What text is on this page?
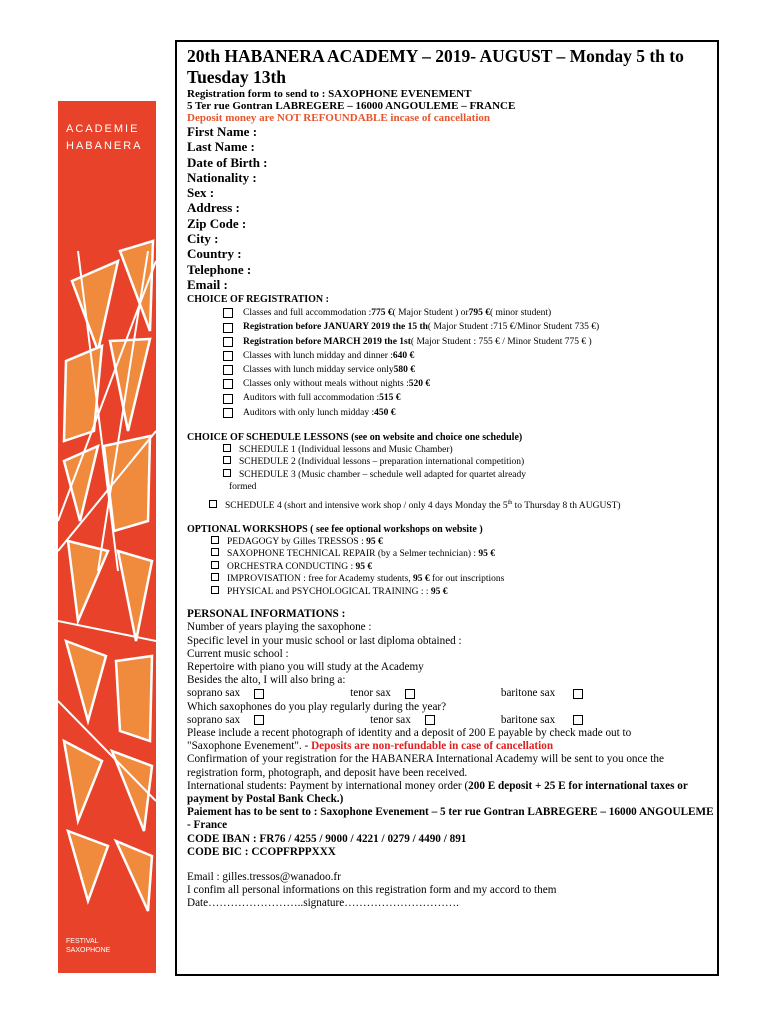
ACADEMIE
HABANERA
FESTIVAL
SAXOPHONE

20th HABANERA ACADEMY – 2019- AUGUST – Monday 5 th to Tuesday 13th

Registration form to send to : SAXOPHONE EVENEMENT
5 Ter rue Gontran LABREGERE – 16000 ANGOULEME – FRANCE
Deposit money are NOT REFOUNDABLE incase of cancellation
First Name :
Last Name :
Date of Birth :
Nationality :
Sex :
Address :
Zip Code :
City :
Country :
Telephone :
Email :
CHOICE OF REGISTRATION :
Classes and full accommodation : 775 € ( Major Student ) or 795 € ( minor student)
Registration before JANUARY 2019 the 15 th ( Major Student :715 €/Minor Student 735 €)
Registration before MARCH 2019 the 1st ( Major Student : 755 € / Minor Student 775 € )
Classes with lunch midday and dinner : 640 €
Classes with lunch midday service only 580 €
Classes only without meals without nights : 520 €
Auditors with full accommodation : 515 €
Auditors with only lunch midday : 450 €
CHOICE OF SCHEDULE LESSONS (see on website and choice one schedule)
SCHEDULE 1 (Individual lessons and Music Chamber)
SCHEDULE 2 (Individual lessons – preparation international competition)
SCHEDULE 3 (Music chamber – schedule well adapted for quartet already
formed
SCHEDULE 4 (short and intensive work shop / only 4 days Monday the 5th to Thursday 8 th AUGUST)
OPTIONAL WORKSHOPS ( see fee optional workshops on website )
PEDAGOGY by Gilles TRESSOS : 95 €
SAXOPHONE TECHNICAL REPAIR (by a Selmer technician) : 95 €
ORCHESTRA CONDUCTING : 95 €
IMPROVISATION : free for Academy students, 95 € for out inscriptions
PHYSICAL and PSYCHOLOGICAL TRAINING : : 95 €
PERSONAL INFORMATIONS :
Number of years playing the saxophone :
Specific level in your music school or last diploma obtained :
Current music school :
Repertoire with piano you will study at the Academy
Besides the alto, I will also bring a:
soprano sax	tenor sax	baritone sax
Which saxophones do you play regularly during the year?
soprano sax	tenor sax	baritone sax
Please include a recent photograph of identity and a deposit of 200 E payable by check made out to
"Saxophone Evenement". - Deposits are non-refundable in case of cancellation
Confirmation of your registration for the HABANERA International Academy will be sent to you once the registration form, photograph, and deposit have been received.
International students: Payment by international money order (200 E deposit + 25 E for international taxes or payment by Postal Bank Check.)
Paiement has to be sent to : Saxophone Evenement – 5 ter rue Gontran LABREGERE – 16000 ANGOULEME - France
CODE IBAN : FR76 / 4255 / 9000 / 4221 / 0279 / 4490 / 891
CODE BIC : CCOPFRPPXXX
Email : gilles.tressos@wanadoo.fr
I confim all personal informations on this registration form and my accord to them
Date……………………..signature………………………….
